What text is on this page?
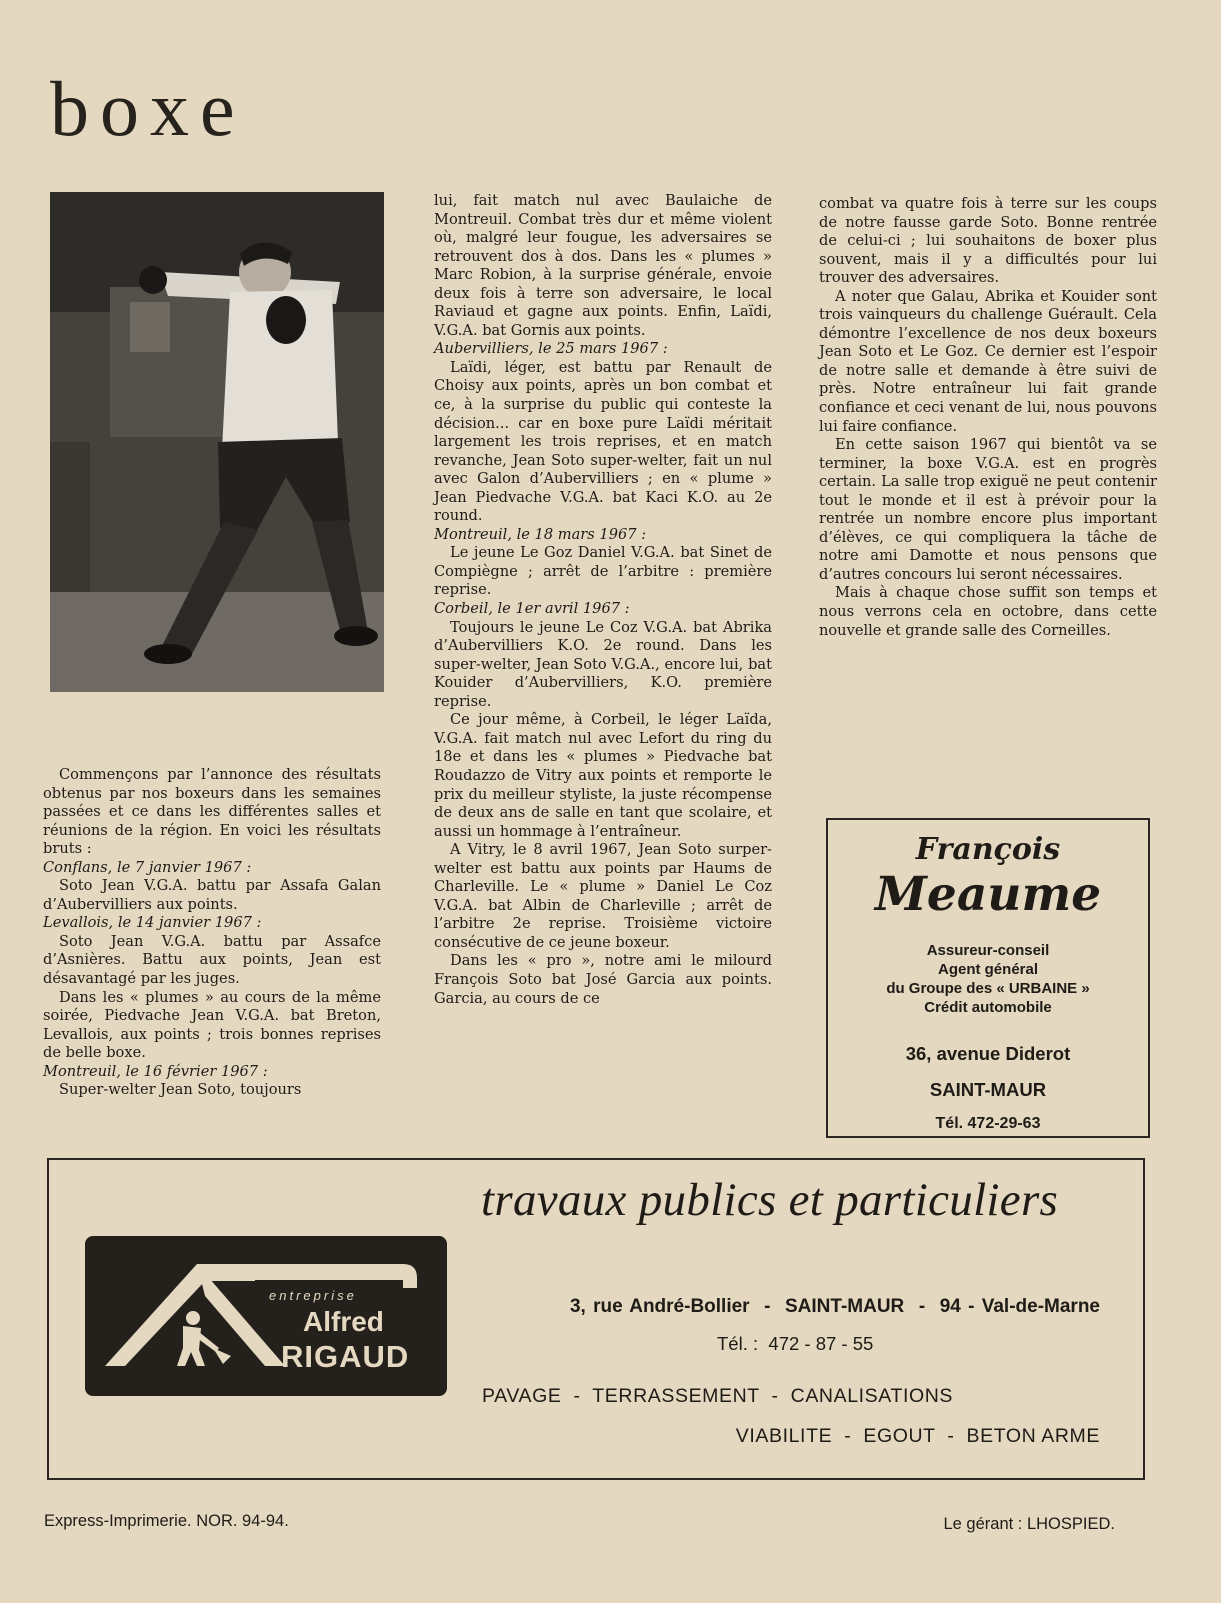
boxe

Commençons par l’annonce des résultats obtenus par nos boxeurs dans les semaines passées et ce dans les différentes salles et réunions de la région. En voici les résultats bruts :

Conflans, le 7 janvier 1967 :

Soto Jean V.G.A. battu par Assafa Galan d’Aubervilliers aux points.

Levallois, le 14 janvier 1967 :

Soto Jean V.G.A. battu par Assafce d’Asnières. Battu aux points, Jean est désavantagé par les juges.

Dans les « plumes » au cours de la même soirée, Piedvache Jean V.G.A. bat Breton, Levallois, aux points ; trois bonnes reprises de belle boxe.

Montreuil, le 16 février 1967 :

Super-welter Jean Soto, toujours

lui, fait match nul avec Baulaiche de Montreuil. Combat très dur et même violent où, malgré leur fougue, les adversaires se retrouvent dos à dos. Dans les « plumes » Marc Robion, à la surprise générale, envoie deux fois à terre son adversaire, le local Raviaud et gagne aux points. Enfin, Laïdi, V.G.A. bat Gornis aux points.

Aubervilliers, le 25 mars 1967 :

Laïdi, léger, est battu par Renault de Choisy aux points, après un bon combat et ce, à la surprise du public qui conteste la décision... car en boxe pure Laïdi méritait largement les trois reprises, et en match revanche, Jean Soto super-welter, fait un nul avec Galon d’Aubervilliers ; en « plume » Jean Piedvache V.G.A. bat Kaci K.O. au 2e round.

Montreuil, le 18 mars 1967 :

Le jeune Le Goz Daniel V.G.A. bat Sinet de Compiègne ; arrêt de l’arbitre : première reprise.

Corbeil, le 1er avril 1967 :

Toujours le jeune Le Coz V.G.A. bat Abrika d’Aubervilliers K.O. 2e round. Dans les super-welter, Jean Soto V.G.A., encore lui, bat Kouider d’Aubervilliers, K.O. première reprise.

Ce jour même, à Corbeil, le léger Laïda, V.G.A. fait match nul avec Lefort du ring du 18e et dans les « plumes » Piedvache bat Roudazzo de Vitry aux points et remporte le prix du meilleur styliste, la juste récompense de deux ans de salle en tant que scolaire, et aussi un hommage à l’entraîneur.

A Vitry, le 8 avril 1967, Jean Soto surper-welter est battu aux points par Haums de Charleville. Le « plume » Daniel Le Coz V.G.A. bat Albin de Charleville ; arrêt de l’arbitre 2e reprise. Troisième victoire consécutive de ce jeune boxeur.

Dans les « pro », notre ami le milourd François Soto bat José Garcia aux points. Garcia, au cours de ce

combat va quatre fois à terre sur les coups de notre fausse garde Soto. Bonne rentrée de celui-ci ; lui souhaitons de boxer plus souvent, mais il y a difficultés pour lui trouver des adversaires.

A noter que Galau, Abrika et Kouider sont trois vainqueurs du challenge Guérault. Cela démontre l’excellence de nos deux boxeurs Jean Soto et Le Goz. Ce dernier est l’espoir de notre salle et demande à être suivi de près. Notre entraîneur lui fait grande confiance et ceci venant de lui, nous pouvons lui faire confiance.

En cette saison 1967 qui bientôt va se terminer, la boxe V.G.A. est en progrès certain. La salle trop exiguë ne peut contenir tout le monde et il est à prévoir pour la rentrée un nombre encore plus important d’élèves, ce qui compliquera la tâche de notre ami Damotte et nous pensons que d’autres concours lui seront nécessaires.

Mais à chaque chose suffit son temps et nous verrons cela en octobre, dans cette nouvelle et grande salle des Corneilles.

François
Meaume
Assureur-conseil
Agent général
du Groupe des « URBAINE »
Crédit automobile
36, avenue Diderot
SAINT-MAUR
Tél. 472-29-63
travaux publics et particuliers
entreprise
Alfred
RIGAUD
3, rue André-Bollier  -  SAINT-MAUR  -  94 - Val-de-Marne
Tél. :  472 - 87 - 55
PAVAGE  -  TERRASSEMENT  -  CANALISATIONS
VIABILITE  -  EGOUT  -  BETON ARME
Express-Imprimerie. NOR. 94-94.	Le gérant : LHOSPIED.
